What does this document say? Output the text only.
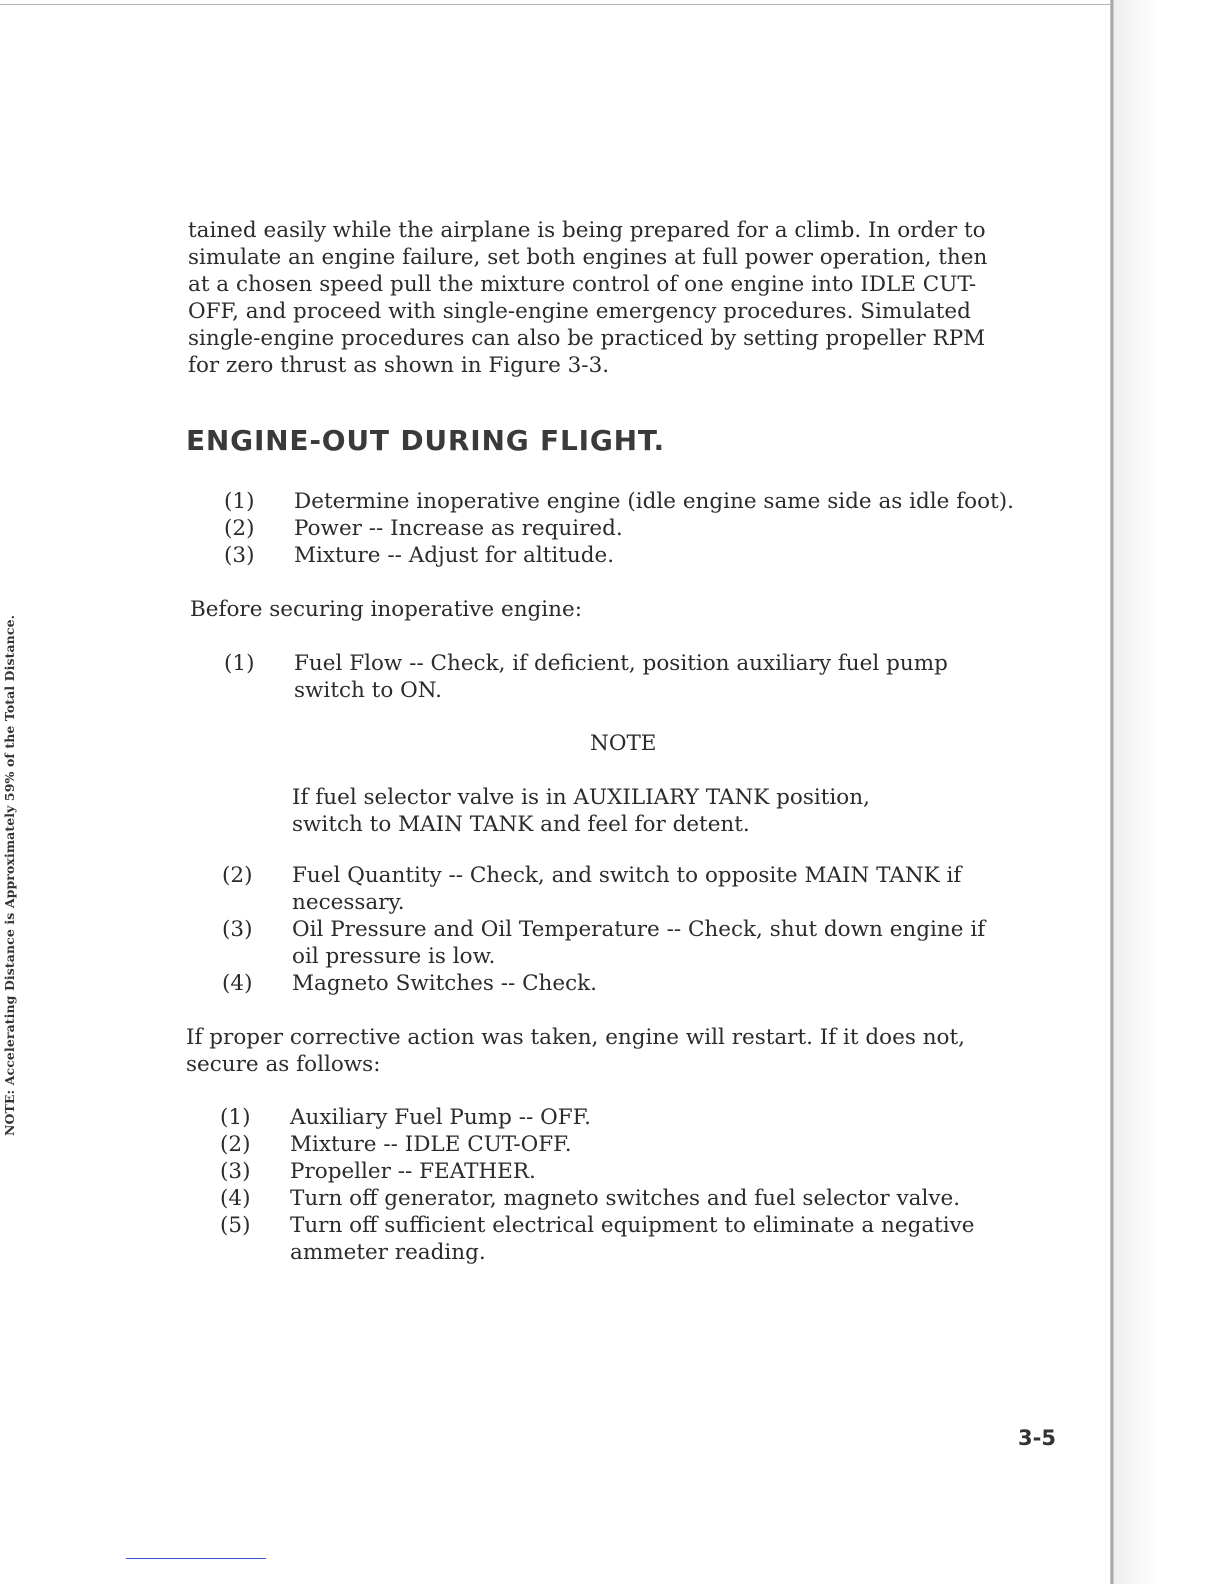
NOTE: Accelerating Distance is Approximately 59% of the Total Distance.

tained easily while the airplane is being prepared for a climb. In order to
simulate an engine failure, set both engines at full power operation, then
at a chosen speed pull the mixture control of one engine into IDLE CUT-
OFF, and proceed with single-engine emergency procedures. Simulated
single-engine procedures can also be practiced by setting propeller RPM
for zero thrust as shown in Figure 3-3.

ENGINE-OUT DURING FLIGHT.
(1) Determine inoperative engine (idle engine same side as idle foot).
(2) Power -- Increase as required.
(3) Mixture -- Adjust for altitude.

Before securing inoperative engine:

(1) Fuel Flow -- Check, if deficient, position auxiliary fuel pump
switch to ON.

NOTE

If fuel selector valve is in AUXILIARY TANK position,
switch to MAIN TANK and feel for detent.

(2) Fuel Quantity -- Check, and switch to opposite MAIN TANK if
necessary.
(3) Oil Pressure and Oil Temperature -- Check, shut down engine if
oil pressure is low.
(4) Magneto Switches -- Check.

If proper corrective action was taken, engine will restart. If it does not,
secure as follows:

(1) Auxiliary Fuel Pump -- OFF.
(2) Mixture -- IDLE CUT-OFF.
(3) Propeller -- FEATHER.
(4) Turn off generator, magneto switches and fuel selector valve.
(5) Turn off sufficient electrical equipment to eliminate a negative
ammeter reading.

3-5
